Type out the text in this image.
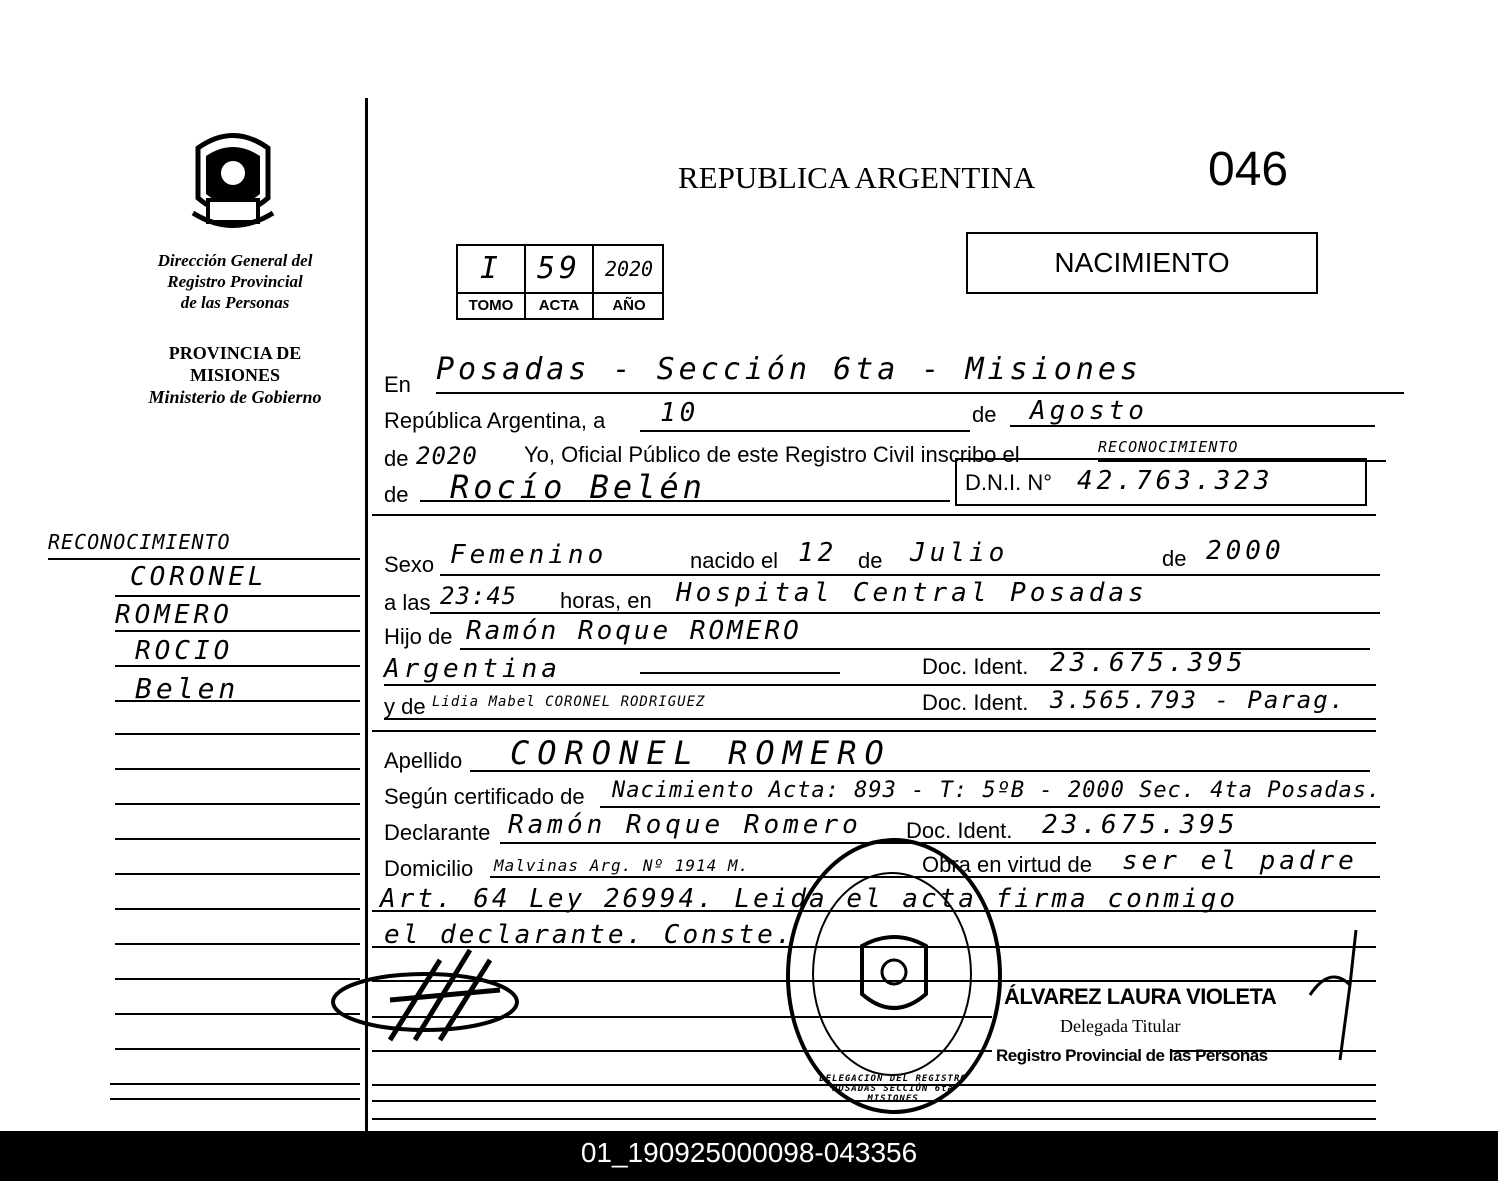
Dirección General del
Registro Provincial
de las Personas
PROVINCIA DE
MISIONES
Ministerio de Gobierno
RECONOCIMIENTO
CORONEL
ROMERO
ROCIO
Belen
REPUBLICA ARGENTINA	046
NACIMIENTO
I	59	2020
TOMO	ACTA	AÑO
En Posadas - Sección 6ta - Misiones
República Argentina, a 10	de Agosto
de 2020 Yo, Oficial Público de este Registro Civil inscribo el	RECONOCIMIENTO
de Rocío Belén	D.N.I. N° 42.763.323
Sexo Femenino	nacido el 12 de Julio	de 2000
a las 23:45 horas, en Hospital Central Posadas
Hijo de Ramón Roque ROMERO
Argentina	Doc. Ident. 23.675.395
y de Lidia Mabel CORONEL RODRIGUEZ	Doc. Ident. 3.565.793 - Parag.
Apellido CORONEL ROMERO
Según certificado de Nacimiento Acta: 893 - T: 5ºB - 2000 Sec. 4ta Posadas.
Declarante Ramón Roque Romero Doc. Ident. 23.675.395
Domicilio Malvinas Arg. Nº 1914 M.	Obra en virtud de ser el padre
Art. 64 Ley 26994. Leida el acta firma conmigo
el declarante. Conste.
DELEGACIÓN DEL REGISTRO POSADAS SECCIÓN 6ta MISIONES
ÁLVAREZ LAURA VIOLETA
Delegada Titular
Registro Provincial de las Personas
01_190925000098-043356
